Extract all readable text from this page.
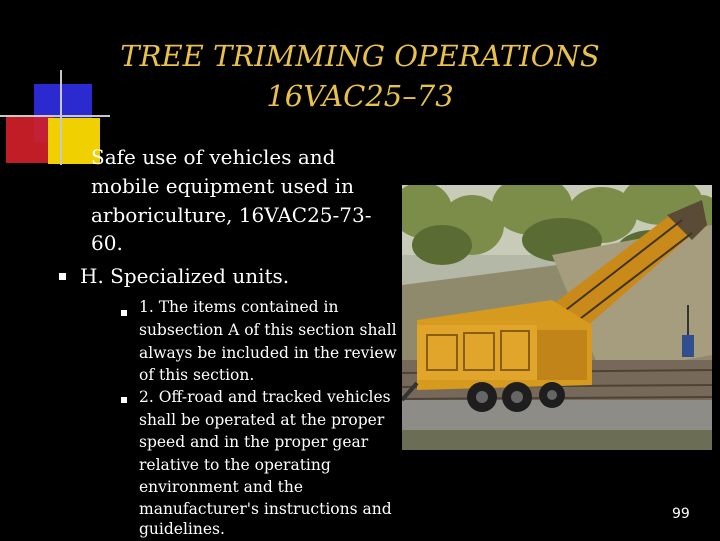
TREE TRIMMING OPERATIONS
16VAC25–73
Safe use of vehicles and
mobile equipment used in
arboriculture, 16VAC25-73-
60.
H. Specialized units.
1. The items contained in
subsection A of this section shall
always be included in the review
of this section.
2. Off-road and tracked vehicles
shall be operated at the proper
speed and in the proper gear
relative to the operating
environment and the
manufacturer's instructions and
guidelines.
99
